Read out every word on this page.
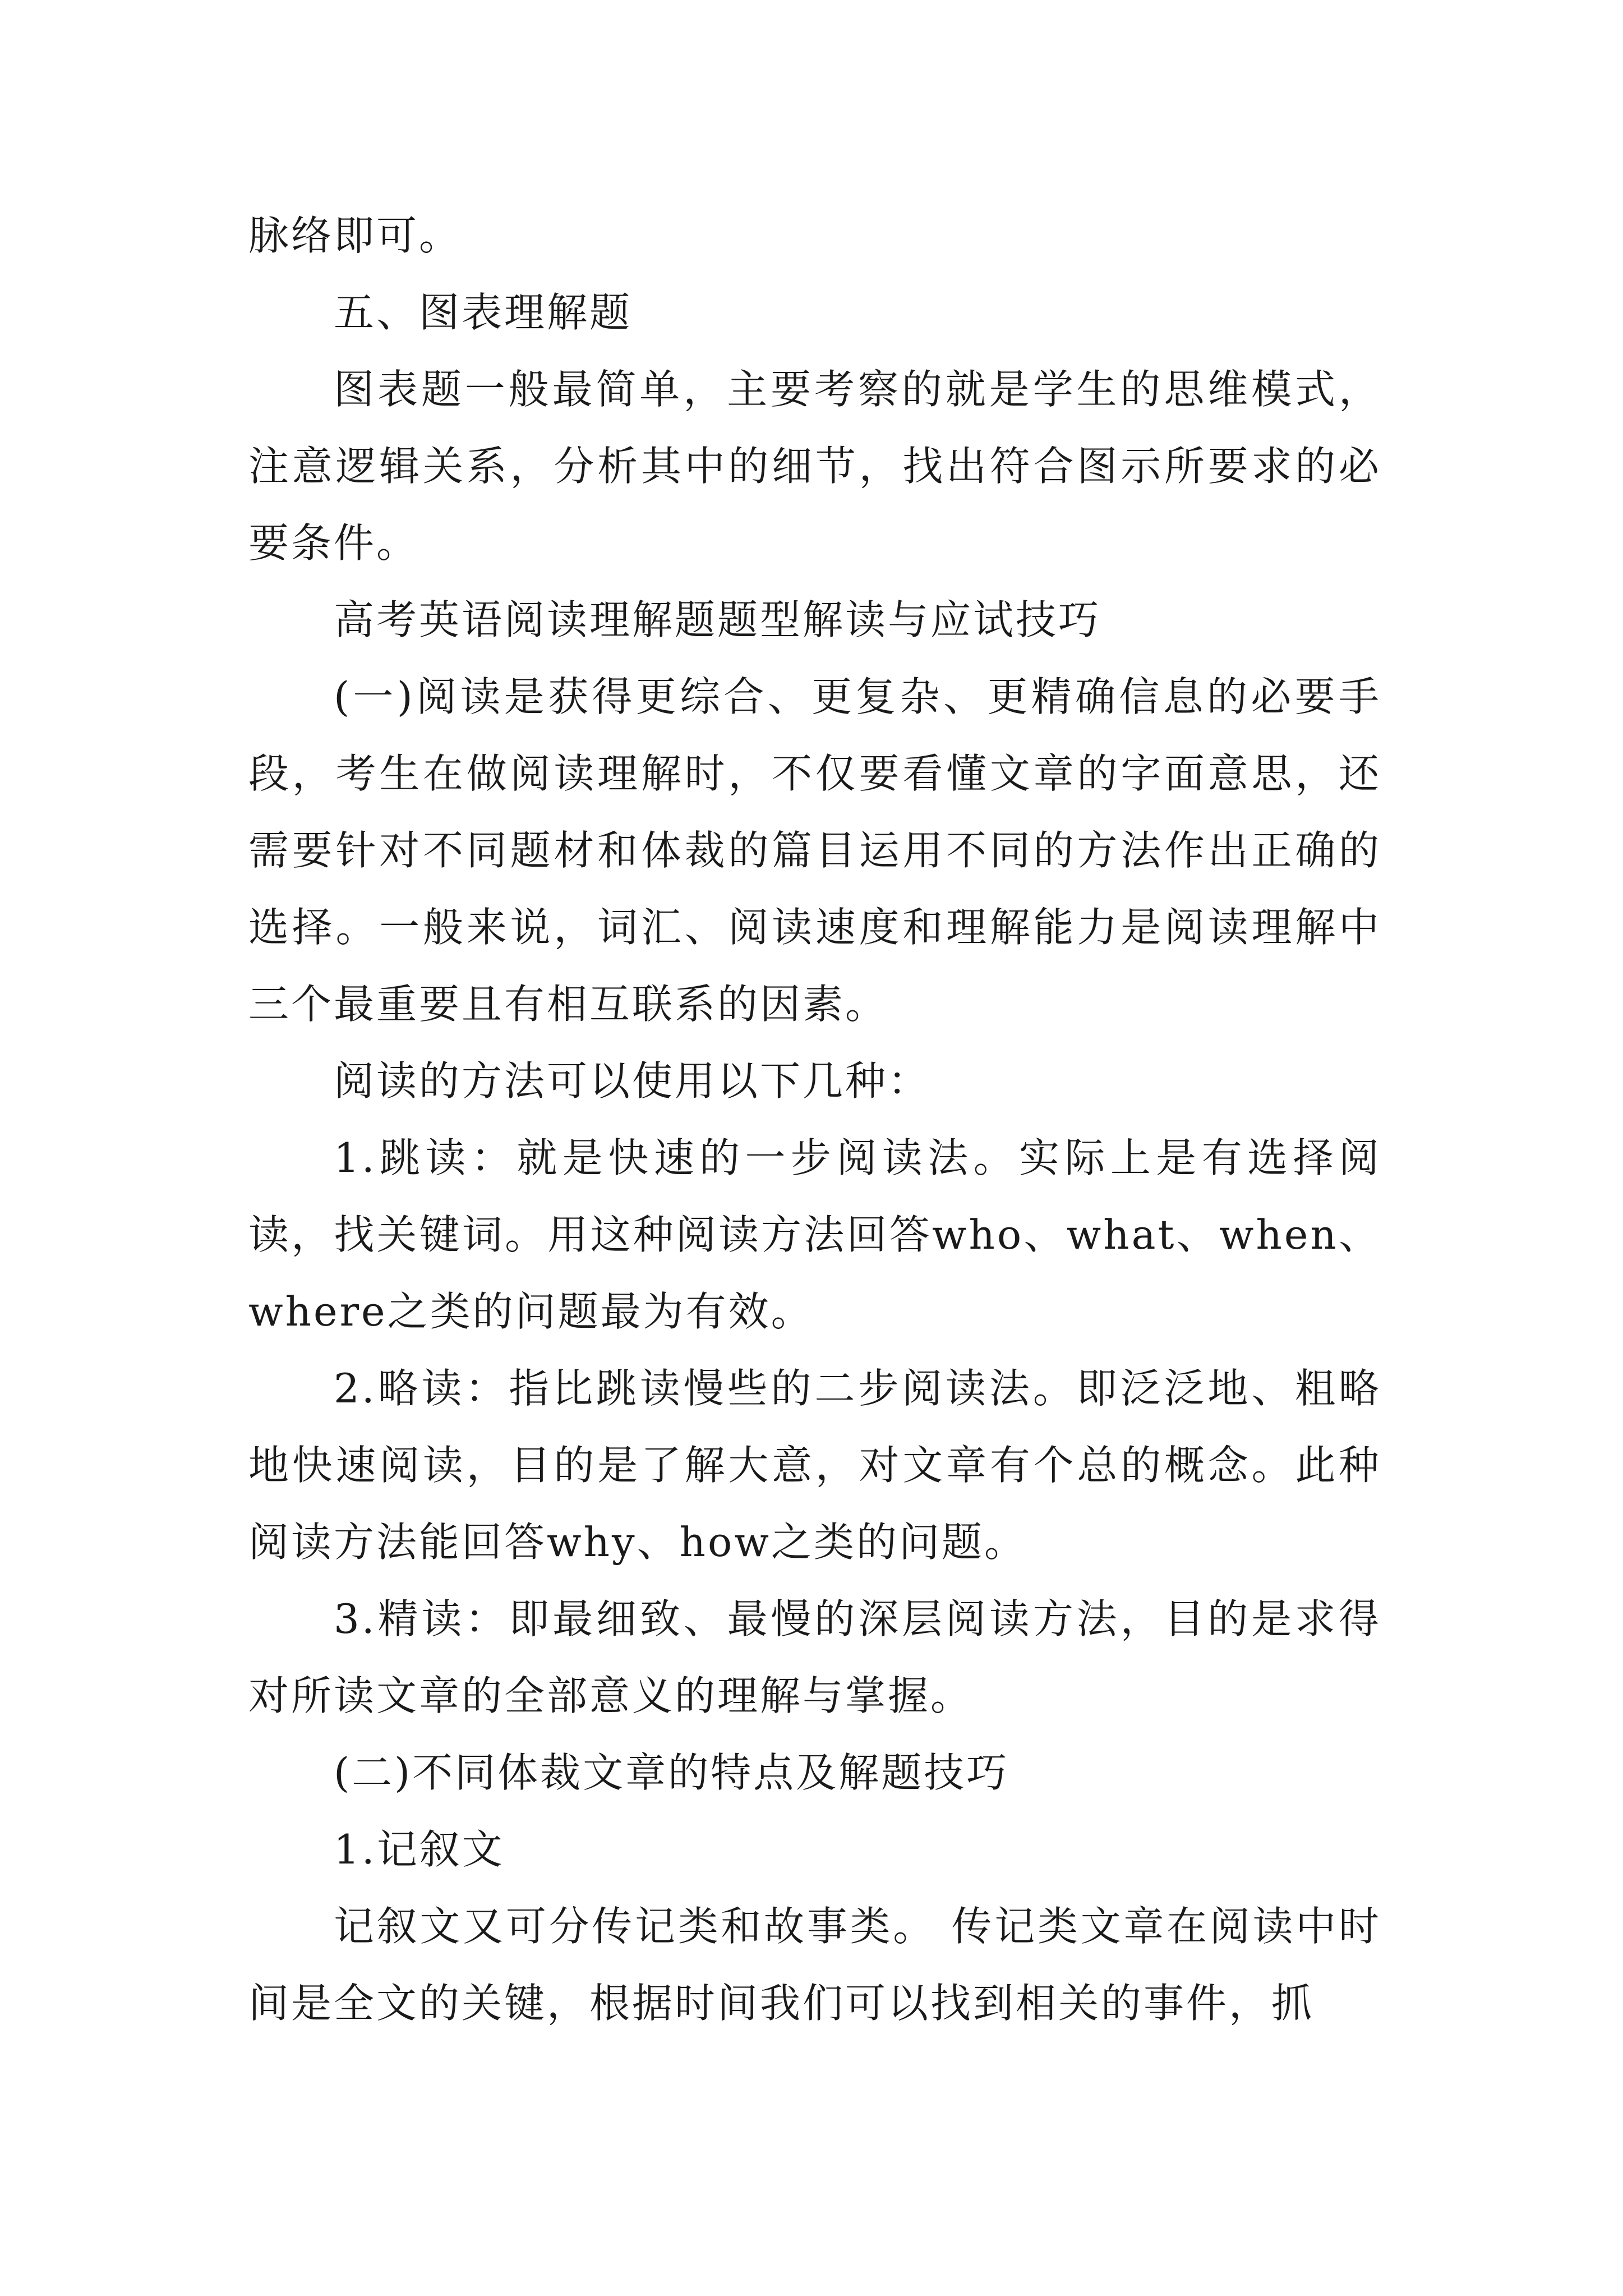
脉络即可。

五、图表理解题

图表题一般最简单，主要考察的就是学生的思维模式，注意逻辑关系，分析其中的细节，找出符合图示所要求的必要条件。

高考英语阅读理解题题型解读与应试技巧

(一)阅读是获得更综合、更复杂、更精确信息的必要手段，考生在做阅读理解时，不仅要看懂文章的字面意思，还需要针对不同题材和体裁的篇目运用不同的方法作出正确的选择。一般来说，词汇、阅读速度和理解能力是阅读理解中三个最重要且有相互联系的因素。

阅读的方法可以使用以下几种：

1.跳读：就是快速的一步阅读法。实际上是有选择阅读，找关键词。用这种阅读方法回答who、what、when、where之类的问题最为有效。

2.略读：指比跳读慢些的二步阅读法。即泛泛地、粗略地快速阅读，目的是了解大意，对文章有个总的概念。此种阅读方法能回答why、how之类的问题。

3.精读：即最细致、最慢的深层阅读方法，目的是求得对所读文章的全部意义的理解与掌握。

(二)不同体裁文章的特点及解题技巧

1.记叙文

记叙文又可分传记类和故事类。 传记类文章在阅读中时间是全文的关键，根据时间我们可以找到相关的事件，抓
